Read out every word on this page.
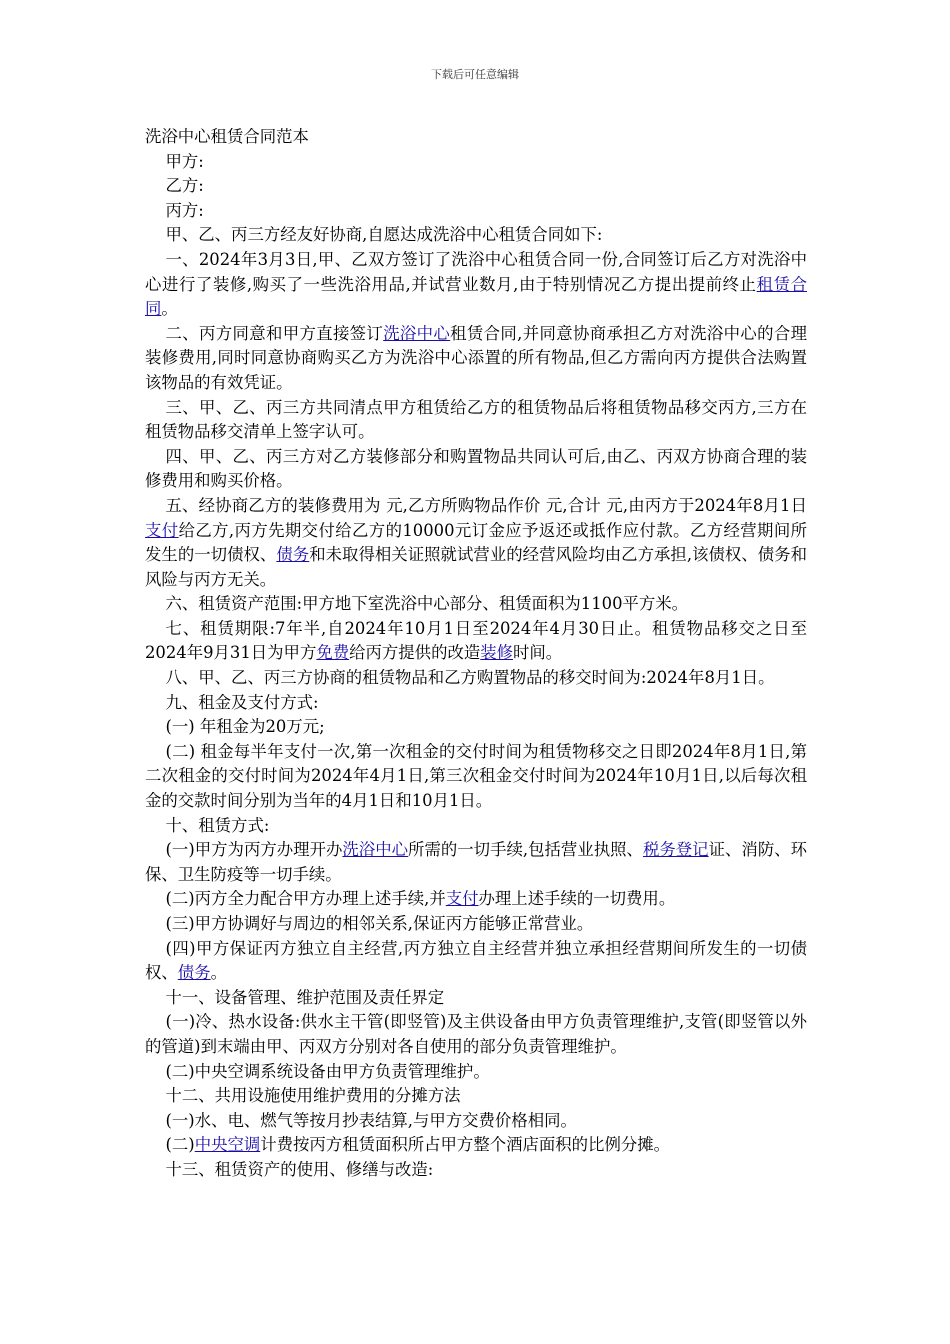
下载后可任意编辑

洗浴中心租赁合同范本

甲方:

乙方:

丙方:

甲、乙、丙三方经友好协商,自愿达成洗浴中心租赁合同如下:

一、2024年3月3日,甲、乙双方签订了洗浴中心租赁合同一份,合同签订后乙方对洗浴中心进行了装修,购买了一些洗浴用品,并试营业数月,由于特别情况乙方提出提前终止租赁合同。

二、丙方同意和甲方直接签订洗浴中心租赁合同,并同意协商承担乙方对洗浴中心的合理装修费用,同时同意协商购买乙方为洗浴中心添置的所有物品,但乙方需向丙方提供合法购置该物品的有效凭证。

三、甲、乙、丙三方共同清点甲方租赁给乙方的租赁物品后将租赁物品移交丙方,三方在租赁物品移交清单上签字认可。

四、甲、乙、丙三方对乙方装修部分和购置物品共同认可后,由乙、丙双方协商合理的装修费用和购买价格。

五、经协商乙方的装修费用为 元,乙方所购物品作价 元,合计 元,由丙方于2024年8月1日支付给乙方,丙方先期交付给乙方的10000元订金应予返还或抵作应付款。乙方经营期间所发生的一切债权、债务和未取得相关证照就试营业的经营风险均由乙方承担,该债权、债务和风险与丙方无关。

六、租赁资产范围:甲方地下室洗浴中心部分、租赁面积为1100平方米。

七、租赁期限:7年半,自2024年10月1日至2024年4月30日止。租赁物品移交之日至2024年9月31日为甲方免费给丙方提供的改造装修时间。

八、甲、乙、丙三方协商的租赁物品和乙方购置物品的移交时间为:2024年8月1日。

九、租金及支付方式:

(一) 年租金为20万元;

(二) 租金每半年支付一次,第一次租金的交付时间为租赁物移交之日即2024年8月1日,第二次租金的交付时间为2024年4月1日,第三次租金交付时间为2024年10月1日,以后每次租金的交款时间分别为当年的4月1日和10月1日。

十、租赁方式:

(一)甲方为丙方办理开办洗浴中心所需的一切手续,包括营业执照、税务登记证、消防、环保、卫生防疫等一切手续。

(二)丙方全力配合甲方办理上述手续,并支付办理上述手续的一切费用。

(三)甲方协调好与周边的相邻关系,保证丙方能够正常营业。

(四)甲方保证丙方独立自主经营,丙方独立自主经营并独立承担经营期间所发生的一切债权、债务。

十一、设备管理、维护范围及责任界定

(一)冷、热水设备:供水主干管(即竖管)及主供设备由甲方负责管理维护,支管(即竖管以外的管道)到末端由甲、丙双方分别对各自使用的部分负责管理维护。

(二)中央空调系统设备由甲方负责管理维护。

十二、共用设施使用维护费用的分摊方法

(一)水、电、燃气等按月抄表结算,与甲方交费价格相同。

(二)中央空调计费按丙方租赁面积所占甲方整个酒店面积的比例分摊。

十三、租赁资产的使用、修缮与改造:
